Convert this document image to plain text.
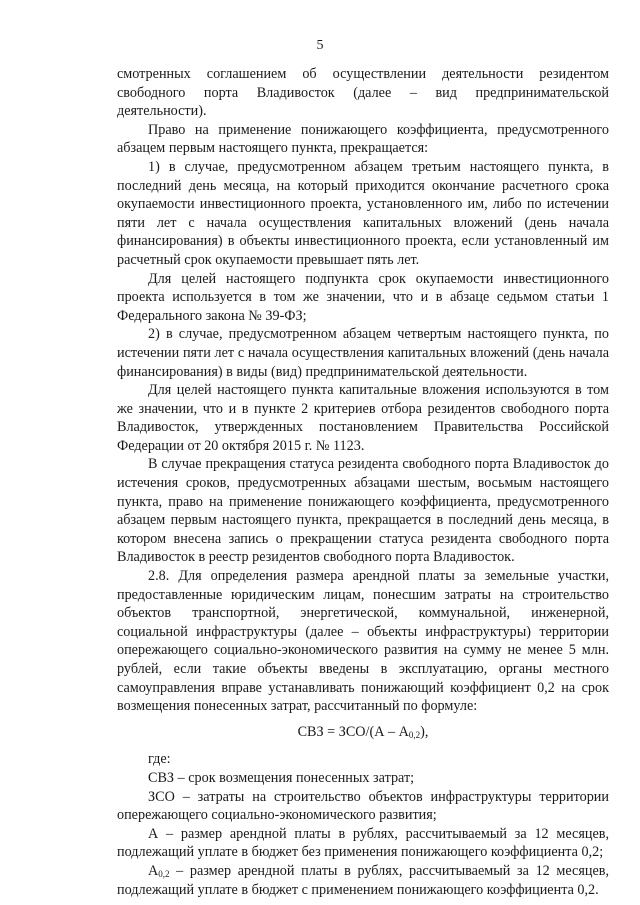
5

смотренных соглашением об осуществлении деятельности резидентом свободного порта Владивосток (далее – вид предпринимательской деятельности).

Право на применение понижающего коэффициента, предусмотренного абзацем первым настоящего пункта, прекращается:

1) в случае, предусмотренном абзацем третьим настоящего пункта, в последний день месяца, на который приходится окончание расчетного срока окупаемости инвестиционного проекта, установленного им, либо по истечении пяти лет с начала осуществления капитальных вложений (день начала финансирования) в объекты инвестиционного проекта, если установленный им расчетный срок окупаемости превышает пять лет.

Для целей настоящего подпункта срок окупаемости инвестиционного проекта используется в том же значении, что и в абзаце седьмом статьи 1 Федерального закона № 39-ФЗ;

2) в случае, предусмотренном абзацем четвертым настоящего пункта, по истечении пяти лет с начала осуществления капитальных вложений (день начала финансирования) в виды (вид) предпринимательской деятельности.

Для целей настоящего пункта капитальные вложения используются в том же значении, что и в пункте 2 критериев отбора резидентов свободного порта Владивосток, утвержденных постановлением Правительства Российской Федерации от 20 октября 2015 г. № 1123.

В случае прекращения статуса резидента свободного порта Владивосток до истечения сроков, предусмотренных абзацами шестым, восьмым настоящего пункта, право на применение понижающего коэффициента, предусмотренного абзацем первым настоящего пункта, прекращается в последний день месяца, в котором внесена запись о прекращении статуса резидента свободного порта Владивосток в реестр резидентов свободного порта Владивосток.

2.8. Для определения размера арендной платы за земельные участки, предоставленные юридическим лицам, понесшим затраты на строительство объектов транспортной, энергетической, коммунальной, инженерной, социальной инфраструктуры (далее – объекты инфраструктуры) территории опережающего социально-экономического развития на сумму не менее 5 млн. рублей, если такие объекты введены в эксплуатацию, органы местного самоуправления вправе устанавливать понижающий коэффициент 0,2 на срок возмещения понесенных затрат, рассчитанный по формуле:

СВЗ = $ЗСО/(А - А_{0,2})$,

где:

СВЗ – срок возмещения понесенных затрат;

ЗСО – затраты на строительство объектов инфраструктуры территории опережающего социально-экономического развития;

А – размер арендной платы в рублях, рассчитываемый за 12 месяцев, подлежащий уплате в бюджет без применения понижающего коэффициента 0,2;

$А_{0,2}$ – размер арендной платы в рублях, рассчитываемый за 12 месяцев, подлежащий уплате в бюджет с применением понижающего коэффициента 0,2.
